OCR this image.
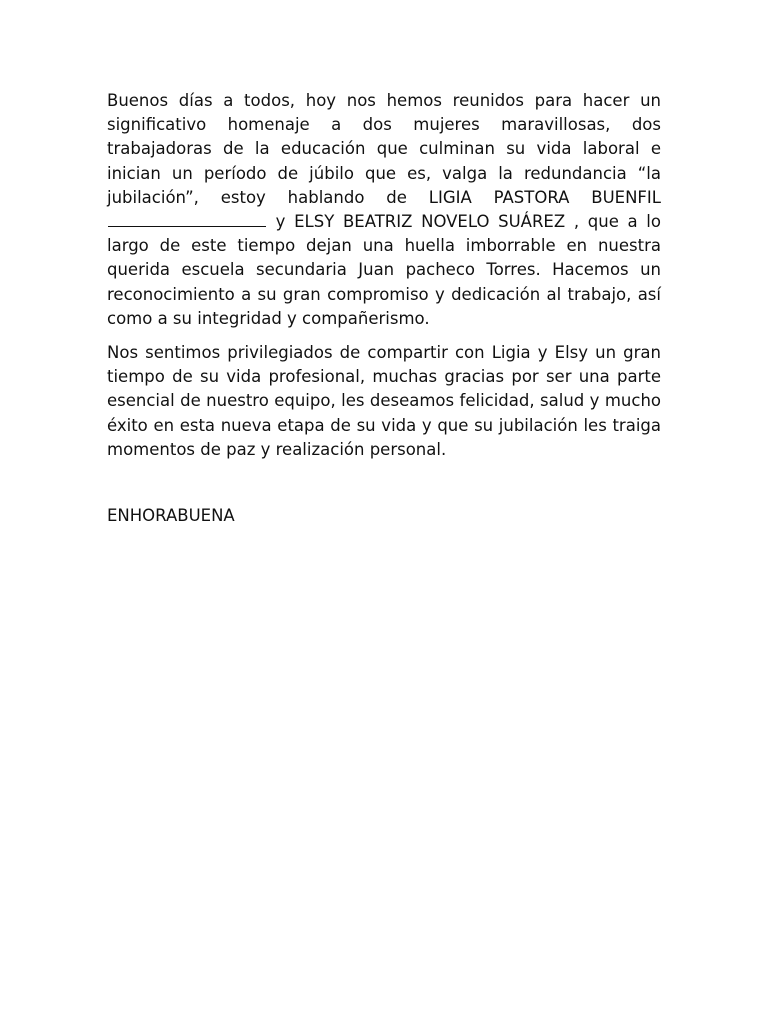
Buenos días a todos, hoy nos hemos reunidos para hacer un significativo homenaje a dos mujeres maravillosas, dos trabajadoras de la educación que culminan su vida laboral e inician un período de júbilo que es, valga la redundancia “la jubilación”, estoy hablando de LIGIA PASTORA BUENFIL y ELSY BEATRIZ NOVELO SUÁREZ , que a lo largo de este tiempo dejan una huella imborrable en nuestra querida escuela secundaria Juan pacheco Torres. Hacemos un reconocimiento a su gran compromiso y dedicación al trabajo, así como a su integridad y compañerismo.

Nos sentimos privilegiados de compartir con Ligia y Elsy un gran tiempo de su vida profesional, muchas gracias por ser una parte esencial de nuestro equipo, les deseamos felicidad, salud y mucho éxito en esta nueva etapa de su vida y que su jubilación les traiga momentos de paz y realización personal.

ENHORABUENA
